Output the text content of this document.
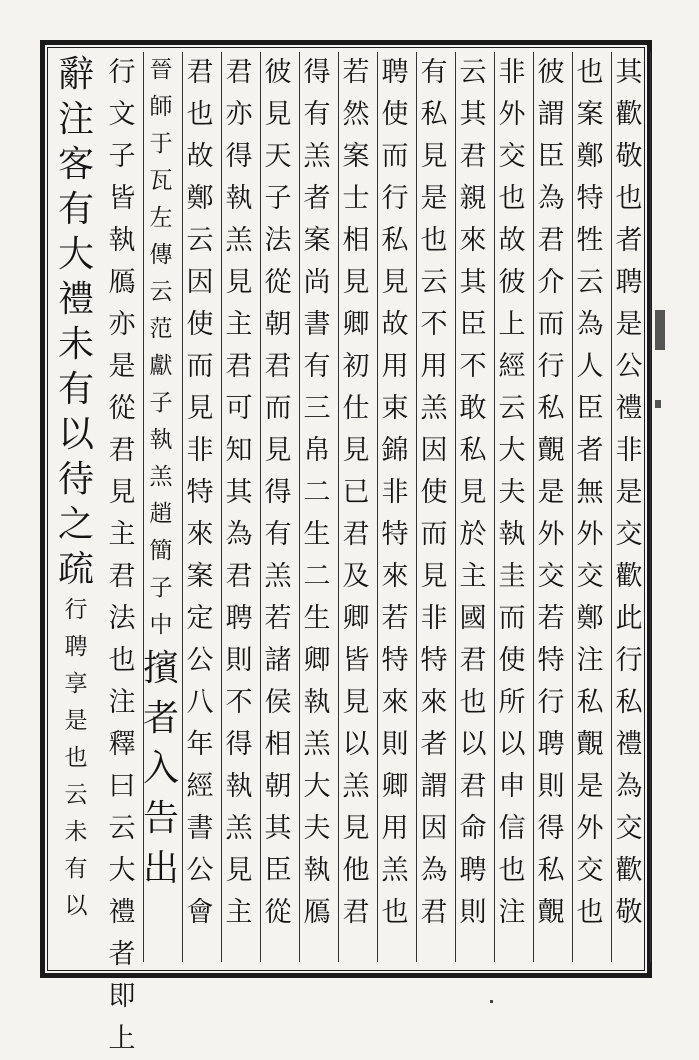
其
歡
敬
也
者
聘
是
公
禮
非
是
交
歡
此
行
私
禮
為
交
歡
敬
也
案
鄭
特
牲
云
為
人
臣
者
無
外
交
鄭
注
私
覿
是
外
交
也
彼
謂
臣
為
君
介
而
行
私
覿
是
外
交
若
特
行
聘
則
得
私
覿
非
外
交
也
故
彼
上
經
云
大
夫
執
圭
而
使
所
以
申
信
也
注
云
其
君
親
來
其
臣
不
敢
私
見
於
主
國
君
也
以
君
命
聘
則
有
私
見
是
也
云
不
用
羔
因
使
而
見
非
特
來
者
謂
因
為
君
聘
使
而
行
私
見
故
用
束
錦
非
特
來
若
特
來
則
卿
用
羔
也
若
然
案
士
相
見
卿
初
仕
見
已
君
及
卿
皆
見
以
羔
見
他
君
得
有
羔
者
案
尚
書
有
三
帛
二
生
二
生
卿
執
羔
大
夫
執
鴈
彼
見
天
子
法
從
朝
君
而
見
得
有
羔
若
諸
侯
相
朝
其
臣
從
君
亦
得
執
羔
見
主
君
可
知
其
為
君
聘
則
不
得
執
羔
見
主
君
也
故
鄭
云
因
使
而
見
非
特
來
案
定
公
八
年
經
書
公
會
晉
師
于
瓦
左
傳
云
范
獻
子
執
羔
趙
簡
子
中
擯
者
入
告
出
行
文
子
皆
執
鴈
亦
是
從
君
見
主
君
法
也
注
釋
曰
云
大
禮
者
即
上
辭
注
客
有
大
禮
未
有
以
待
之
疏
行
聘
享
是
也
云
未
有
以
